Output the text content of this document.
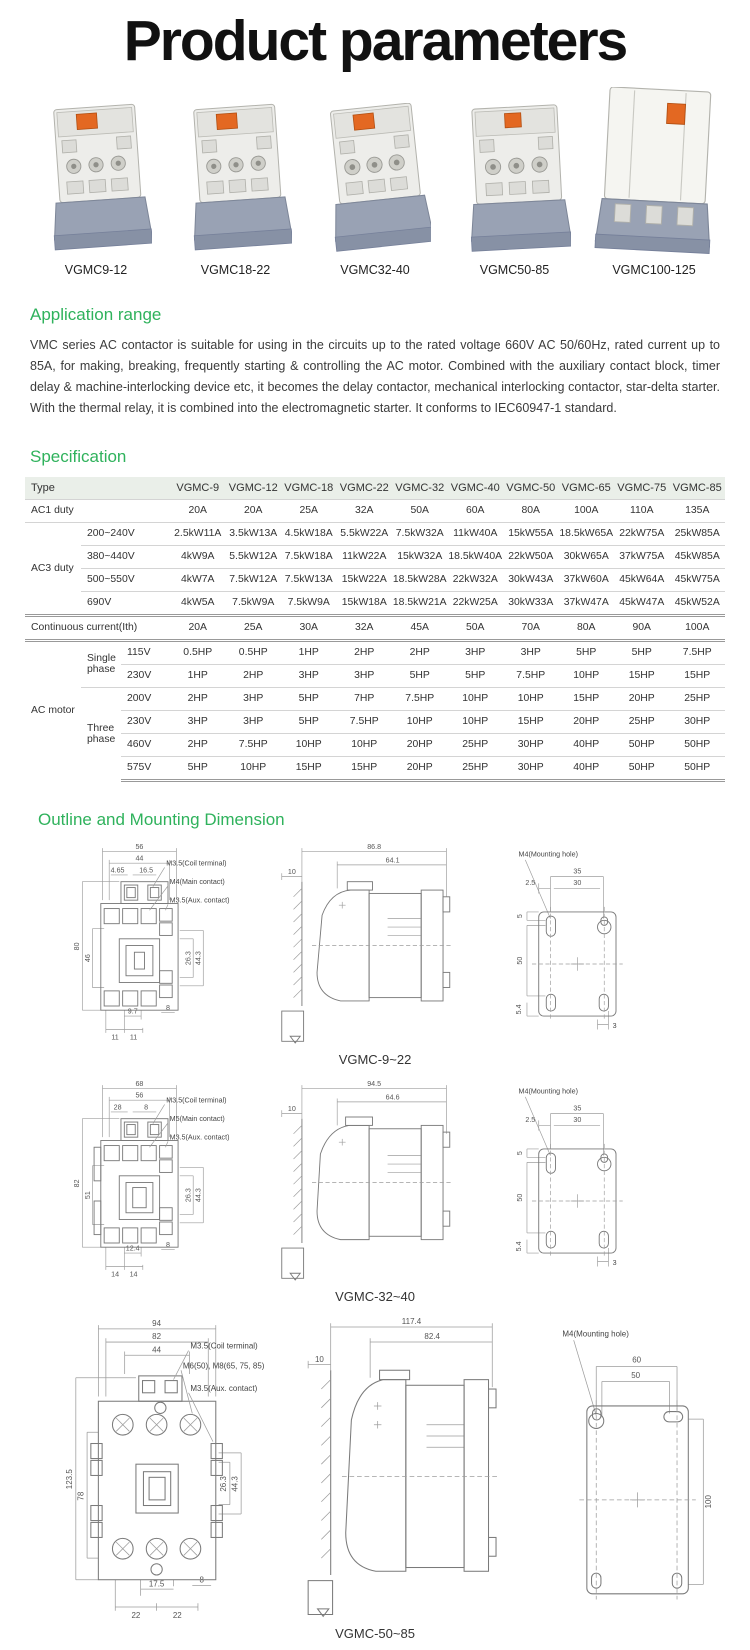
Product parameters
VGMC9-12	VGMC18-22	VGMC32-40	VGMC50-85	VGMC100-125
Application range

VMC series AC contactor is suitable for using in the circuits up to the rated voltage 660V AC 50/60Hz, rated current up to 85A, for making, breaking, frequently starting & controlling the AC motor. Combined with the auxiliary contact block, timer delay & machine-interlocking device etc, it becomes the delay contactor, mechanical interlocking contactor, star-delta starter. With the thermal relay, it is combined into the electromagnetic starter. It conforms to IEC60947-1 standard.

Specification
Type			VGMC-9	VGMC-12	VGMC-18	VGMC-22	VGMC-32	VGMC-40	VGMC-50	VGMC-65	VGMC-75	VGMC-85
AC1 duty			20A	20A	25A	32A	50A	60A	80A	100A	110A	135A
AC3 duty	200~240V		2.5kW11A	3.5kW13A	4.5kW18A	5.5kW22A	7.5kW32A	11kW40A	15kW55A	18.5kW65A	22kW75A	25kW85A
	380~440V		4kW9A	5.5kW12A	7.5kW18A	11kW22A	15kW32A	18.5kW40A	22kW50A	30kW65A	37kW75A	45kW85A
	500~550V		4kW7A	7.5kW12A	7.5kW13A	15kW22A	18.5kW28A	22kW32A	30kW43A	37kW60A	45kW64A	45kW75A
	690V		4kW5A	7.5kW9A	7.5kW9A	15kW18A	18.5kW21A	22kW25A	30kW33A	37kW47A	45kW47A	45kW52A
Continuous current(Ith)			20A	25A	30A	32A	45A	50A	70A	80A	90A	100A
AC motor	Single phase	115V	0.5HP	0.5HP	1HP	2HP	2HP	3HP	3HP	5HP	5HP	7.5HP
		230V	1HP	2HP	3HP	3HP	5HP	5HP	7.5HP	10HP	15HP	15HP
	Three phase	200V	2HP	3HP	5HP	7HP	7.5HP	10HP	10HP	15HP	20HP	25HP
		230V	3HP	3HP	5HP	7.5HP	10HP	10HP	15HP	20HP	25HP	30HP
		460V	2HP	7.5HP	10HP	10HP	20HP	25HP	30HP	40HP	50HP	50HP
		575V	5HP	10HP	15HP	15HP	20HP	25HP	30HP	40HP	50HP	50HP
Outline and Mounting Dimension
56
44
4.65 16.5
80
46	26.3 44.3
9.7	8
11 11
M3.5(Coil terminal)
M4(Main contact)
M3.5(Aux. contact)
86.8
64.1
10
M4(Mounting hole)
35
30
2.5
5
50
5.4
3
VGMC-9~22
68
56
28	8
82
51	26.3 44.3
12.4	8
14 14
M3.5(Coil terminal)
M5(Main contact)
M3.5(Aux. contact)
94.5
64.6
10
M4(Mounting hole)
35
30
2.5
5
50
5.4
3
VGMC-32~40
94
82
44
123.5
78
26.3 44.3
17.5	8
22	22
M3.5(Coil terminal)
M6(50), M8(65, 75, 85)
M3.5(Aux. contact)
117.4
82.4
10
M4(Mounting hole)
60
50
100
VGMC-50~85
